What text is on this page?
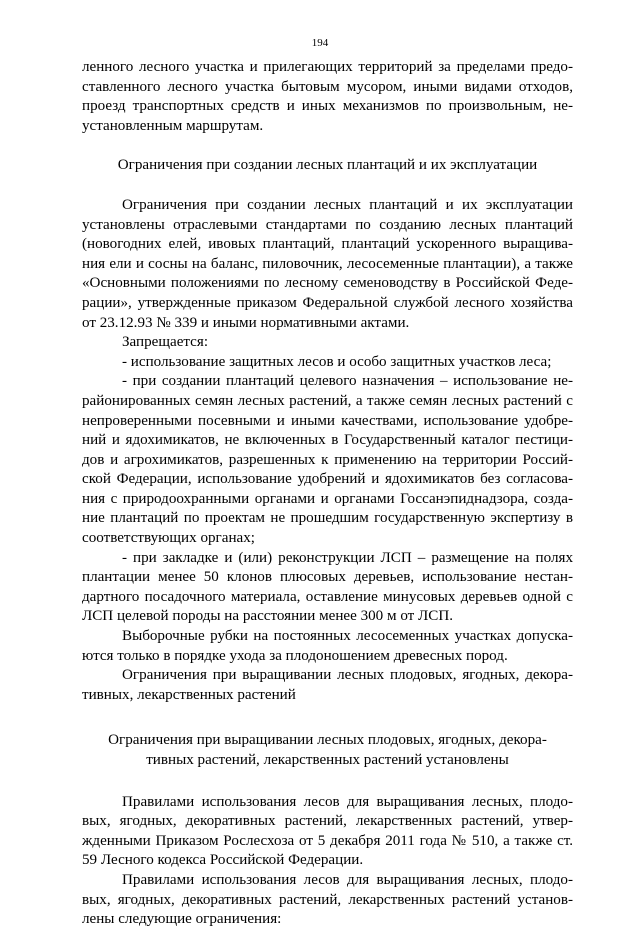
194
ленного лесного участка и прилегающих территорий за пределами предо-
ставленного лесного участка бытовым мусором, иными видами отходов,
проезд транспортных средств и иных механизмов по произвольным, не-
установленным маршрутам.
Ограничения при создании лесных плантаций и их эксплуатации
Ограничения при создании лесных плантаций и их эксплуатации
установлены отраслевыми стандартами по созданию лесных плантаций
(новогодних елей, ивовых плантаций, плантаций ускоренного выращива-
ния ели и сосны на баланс, пиловочник, лесосеменные плантации), а также
«Основными положениями по лесному семеноводству в Российской Феде-
рации», утвержденные приказом Федеральной службой лесного хозяйства
от 23.12.93 № 339 и иными нормативными актами.
Запрещается:
- использование защитных лесов и особо защитных участков леса;
- при создании плантаций целевого назначения – использование не-
районированных семян лесных растений, а также семян лесных растений с
непроверенными посевными и иными качествами, использование удобре-
ний и ядохимикатов, не включенных в Государственный каталог пестици-
дов и агрохимикатов, разрешенных к применению на территории Россий-
ской Федерации, использование удобрений и ядохимикатов без согласова-
ния с природоохранными органами и органами Госсанэпиднадзора, созда-
ние плантаций по проектам не прошедшим государственную экспертизу в
соответствующих органах;
- при закладке и (или) реконструкции ЛСП – размещение на полях
плантации менее 50 клонов плюсовых деревьев, использование нестан-
дартного посадочного материала, оставление минусовых деревьев одной с
ЛСП целевой породы на расстоянии менее 300 м от ЛСП.
Выборочные рубки на постоянных лесосеменных участках допуска-
ются только в порядке ухода за плодоношением древесных пород.
Ограничения при выращивании лесных плодовых, ягодных, декора-
тивных, лекарственных растений
Ограничения при выращивании лесных плодовых, ягодных, декора-
тивных растений, лекарственных растений установлены
Правилами использования лесов для выращивания лесных, плодо-
вых, ягодных, декоративных растений, лекарственных растений, утвер-
жденными Приказом Рослесхоза от 5 декабря 2011 года № 510, а также ст.
59 Лесного кодекса Российской Федерации.
Правилами использования лесов для выращивания лесных, плодо-
вых, ягодных, декоративных растений, лекарственных растений установ-
лены следующие ограничения:
